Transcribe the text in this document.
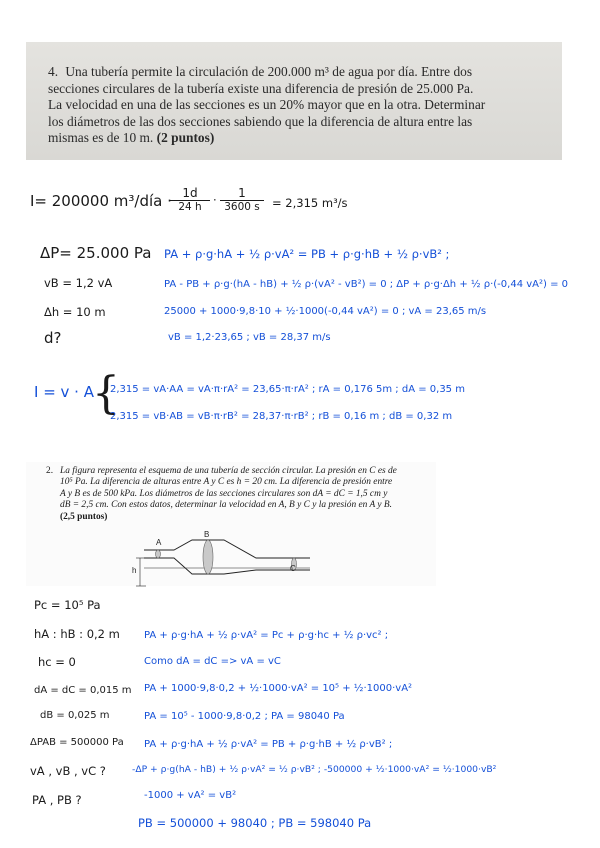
4. Una tubería permite la circulación de 200.000 m³ de agua por día. Entre dos
secciones circulares de la tubería existe una diferencia de presión de 25.000 Pa.
La velocidad en una de las secciones es un 20% mayor que en la otra. Determinar
los diámetros de las dos secciones sabiendo que la diferencia de altura entre las
mismas es de 10 m. (2 puntos)
I= 200000 m³/día ·
$\frac{1d}{24 h} \cdot \frac{1}{3600 s} = 2,315$ m³/s
ΔP= 25.000 Pa
vB = 1,2 vA
Δh = 10 m
d?
PA + ρ·g·hA + ½ ρ·vA² = PB + ρ·g·hB + ½ ρ·vB² ;
PA - PB + ρ·g·(hA - hB) + ½ ρ·(vA² - vB²) = 0 ; ΔP + ρ·g·Δh + ½ ρ·(-0,44 vA²) = 0
25000 + 1000·9,8·10 + ½·1000(-0,44 vA²) = 0 ; vA = 23,65 m/s
vB = 1,2·23,65 ; vB = 28,37 m/s
I = v · A
{
2,315 = vA·AA = vA·π·rA² = 23,65·π·rA² ; rA = 0,176 5m ; dA = 0,35 m
2,315 = vB·AB = vB·π·rB² = 28,37·π·rB² ; rB = 0,16 m ; dB = 0,32 m
2. La figura representa el esquema de una tubería de sección circular. La presión en C es de 10⁵ Pa. La diferencia de alturas entre A y C es h = 20 cm. La diferencia de presión entre A y B es de 500 kPa. Los diámetros de las secciones circulares son dA = dC = 1,5 cm y dB = 2,5 cm. Con estos datos, determinar la velocidad en A, B y C y la presión en A y B. (2,5 puntos)
A
B
C
h
Pc = 10⁵ Pa
hA : hB : 0,2 m
hc = 0
dA = dC = 0,015 m
dB = 0,025 m
ΔPAB = 500000 Pa
vA , vB , vC ?
PA , PB ?
PA + ρ·g·hA + ½ ρ·vA² = Pc + ρ·g·hc + ½ ρ·vc² ;
Como dA = dC => vA = vC
PA + 1000·9,8·0,2 + ½·1000·vA² = 10⁵ + ½·1000·vA²
PA = 10⁵ - 1000·9,8·0,2 ; PA = 98040 Pa
PA + ρ·g·hA + ½ ρ·vA² = PB + ρ·g·hB + ½ ρ·vB² ;
-ΔP + ρ·g(hA - hB) + ½ ρ·vA² = ½ ρ·vB² ; -500000 + ½·1000·vA² = ½·1000·vB²
-1000 + vA² = vB²
PB = 500000 + 98040 ; PB = 598040 Pa
